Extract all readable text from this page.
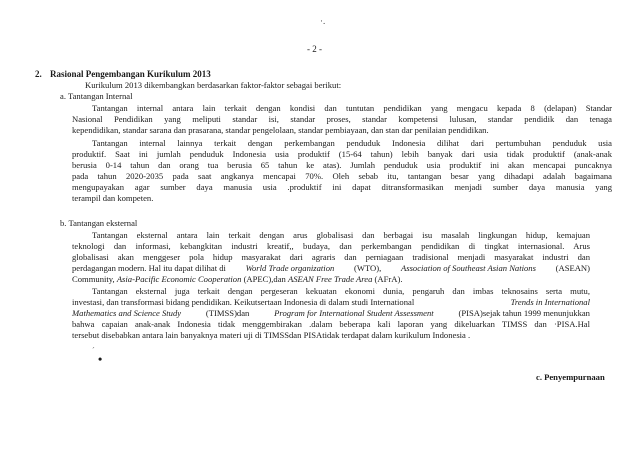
·.
- 2 -
2. Rasional Pengembangan Kurikulum 2013
Kurikulum 2013 dikembangkan berdasarkan faktor-faktor sebagai berikut:
a. Tantangan Internal
Tantangan internal antara lain terkait dengan kondisi dan tuntutan pendidikan yang mengacu kepada 8 (delapan) Standar
Nasional Pendidikan yang meliputi standar isi, standar proses, standar kompetensi lulusan, standar pendidik dan tenaga
kependidikan, standar sarana dan prasarana, standar pengelolaan, standar pembiayaan, dan stan dar penilaian pendidikan.
Tantangan internal lainnya terkait dengan perkembangan penduduk Indonesia dilihat dari pertumbuhan penduduk usia
produktif. Saat ini jumlah penduduk Indonesia usia produktif (15-64 tahun) lebih banyak dari usia tidak produktif (anak-anak
berusia 0-14 tahun dan orang tua berusia 65 tahun ke atas). Jumlah penduduk usia produktif ini akan mencapai puncaknya
pada tahun 2020-2035 pada saat angkanya mencapai 70%. Oleh sebab itu, tantangan besar yang dihadapi adalah bagaimana
mengupayakan agar sumber daya manusia usia .produktif ini dapat ditransformasikan menjadi sumber daya manusia yang
terampil dan kompeten.
b. Tantangan eksternal
Tantangan eksternal antara lain terkait dengan arus globalisasi dan berbagai isu masalah lingkungan hidup, kemajuan
teknologi dan informasi, kebangkitan industri kreatif,, budaya, dan perkembangan pendidikan di tingkat internasional. Arus
globalisasi akan menggeser pola hidup masyarakat dari agraris dan perniagaan tradisional menjadi masyarakat industri dan
perdagangan modern. Hal itu dapat dilihat di World Trade organization (WTO), Association of Southeast Asian Nations (ASEAN)
Community, Asia-Pacific Economic Cooperation (APEC),dan ASEAN Free Trade Area (AFrA).
Tantangan eksternal juga terkait dengan pergeseran kekuatan ekonomi dunia, pengaruh dan imbas teknosains serta mutu,
investasi, dan transformasi bidang pendidikan. Keikutsertaan Indonesia di dalam studi International	Trends in International
Mathematics and Science Study	(TIMSS)dan	Program for International Student Assessment	(PISA)sejak tahun 1999 menunjukkan
bahwa capaian anak-anak Indonesia tidak menggembirakan .dalam beberapa kali laporan yang dikeluarkan TIMSS dan ·PISA.Hal
tersebut disebabkan antara lain banyaknya materi uji di TIMSSdan PISAtidak terdapat dalam kurikulum Indonesia .
´
•
c. Penyempurnaan
